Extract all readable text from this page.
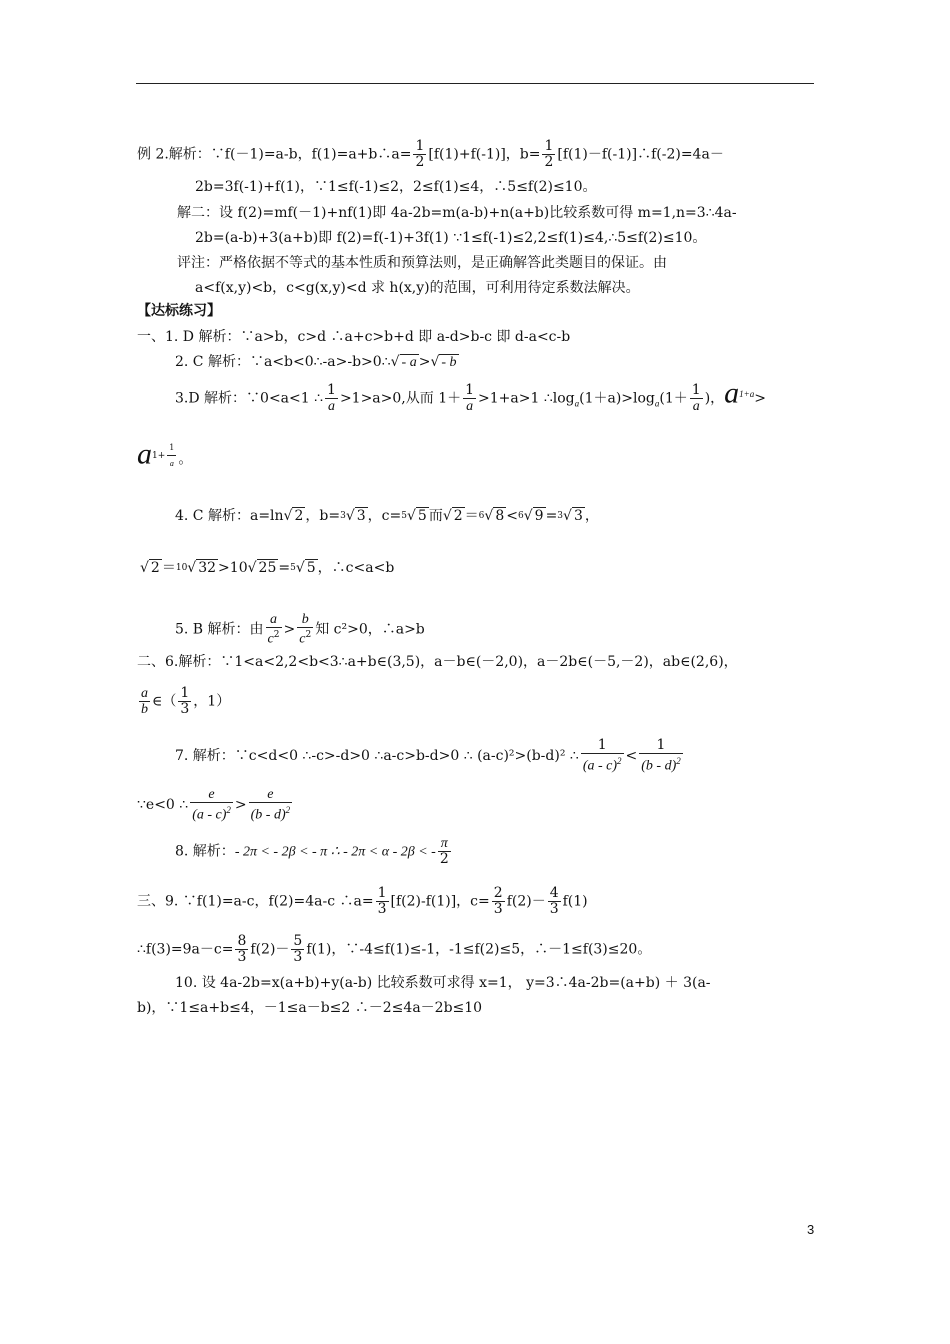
例 2.解析：∵f(－1)=a-b，f(1)=a+b∴a= $\frac{1}{2} [f(1)+f(-1)]$，$b= \frac{1}{2}$ [f(1)－f(-1)]∴f(-2)=4a－
2b=3f(-1)+f(1)，∵1≤f(-1)≤2，2≤f(1)≤4，∴5≤f(2)≤10。
解二：设 f(2)=mf(－1)+nf(1)即 4a-2b=m(a-b)+n(a+b)比较系数可得 m=1,n=3∴4a-
2b=(a-b)+3(a+b)即 f(2)=f(-1)+3f(1) ∵1≤f(-1)≤2,2≤f(1)≤4,∴5≤f(2)≤10。
评注：严格依据不等式的基本性质和预算法则，是正确解答此类题目的保证。由
a<f(x,y)<b，c<g(x,y)<d 求 h(x,y)的范围，可利用待定系数法解决。
【达标练习】
一、1. D 解析：∵a>b，c>d ∴a+c>b+d 即 a-d>b-c 即 d-a<c-b
2. C 解析：∵a<b<0∴-a>-b>0∴√ - a >√ - b
3.D 解析：∵0<a<1 ∴ $\frac{1}{a} >1>a>0$,从而 $1+ \frac{1}{a} >1+a>1$ $\therefore\log_a(1+a)>\log_a(1+ \frac{1}{a}$ )，$a^{1+a}>$
$a^{1+ \frac{1}{a}}$ 。
4. C 解析：a=ln√ 2 ，b=$^3$√ 3 ，c=$^5$√ 5 而√ 2 ＝$^6$√ 8 <$^6$√ 9 =$^3$√ 3 ，
√ 2 ＝$^{10}$√ 32 >10√ 25 =$^5$√ 5 ，∴c<a<b
5. B 解析：由 $\frac{a}{c^2} > \frac{b}{c^2}$ 知 c²>0，∴a>b
二、6.解析：∵1<a<2,2<b<3∴a+b∈(3,5)，a－b∈(－2,0)，a－2b∈(－5,－2)，ab∈(2,6)，
$\frac{a}{b}$ ∈（ $\frac{1}{3}$ ，1）
7. 解析：∵c<d<0 ∴-c>-d>0 ∴a-c>b-d>0 ∴ (a-c)²>(b-d)² ∴ $\frac{1}{(a - c)^2} < \frac{1}{(b - d)^2}$
∵e<0 ∴ $\frac{e}{(a - c)^2} > \frac{e}{(b - d)^2}$
8. 解析：- 2π < - 2β < - π ∴ - 2π < α - 2β < - $\frac{\pi}{2}$
三、9. ∵f(1)=a-c，f(2)=4a-c ∴a= $\frac{1}{3} [f(2)-f(1)]$，$c= \frac{2}{3} f(2)- \frac{4}{3} f(1)$
∴f(3)=9a－c= $\frac{8}{3} f(2)- \frac{5}{3} f(1)$，∵-4≤f(1)≤-1，-1≤f(2)≤5，∴－1≤f(3)≤20。
10. 设 4a-2b=x(a+b)+y(a-b) 比较系数可求得 x=1， y=3∴4a-2b=(a+b) ＋ 3(a-
b)，∵1≤a+b≤4，－1≤a－b≤2 ∴－2≤4a－2b≤10
3
